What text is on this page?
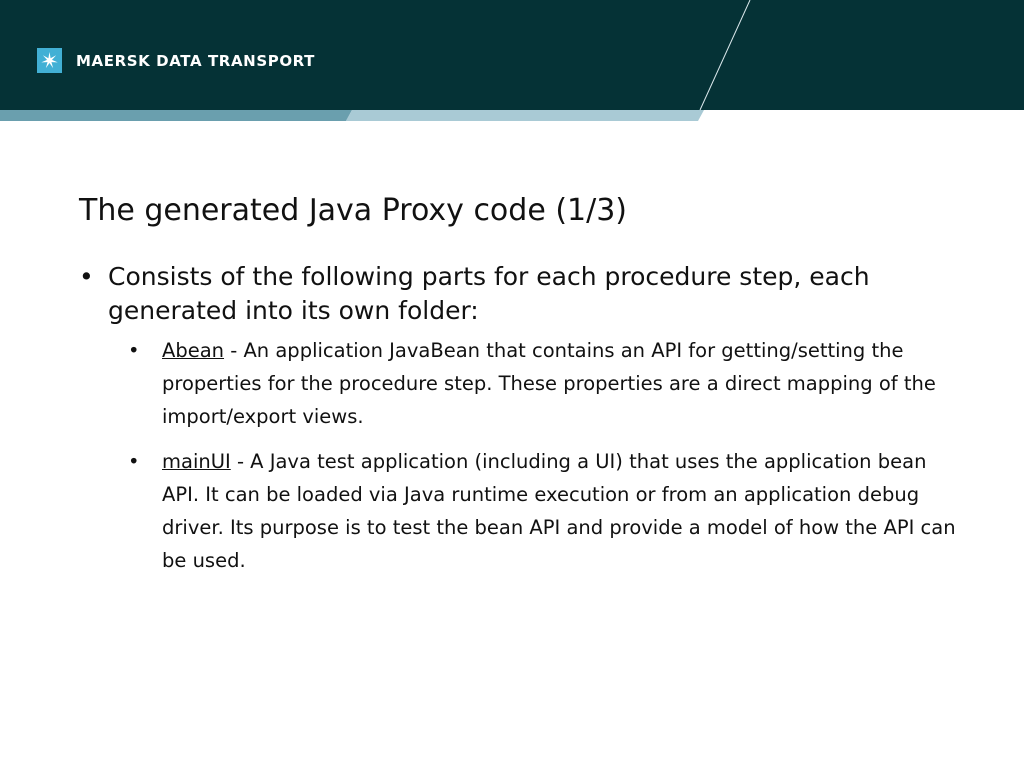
MAERSK DATA TRANSPORT
The generated Java Proxy code (1/3)
• Consists of the following parts for each procedure step, each generated into its own folder:
• Abean - An application JavaBean that contains an API for getting/setting the properties for the procedure step. These properties are a direct mapping of the import/export views.
• mainUI - A Java test application (including a UI) that uses the application bean API. It can be loaded via Java runtime execution or from an application debug driver. Its purpose is to test the bean API and provide a model of how the API can be used.
